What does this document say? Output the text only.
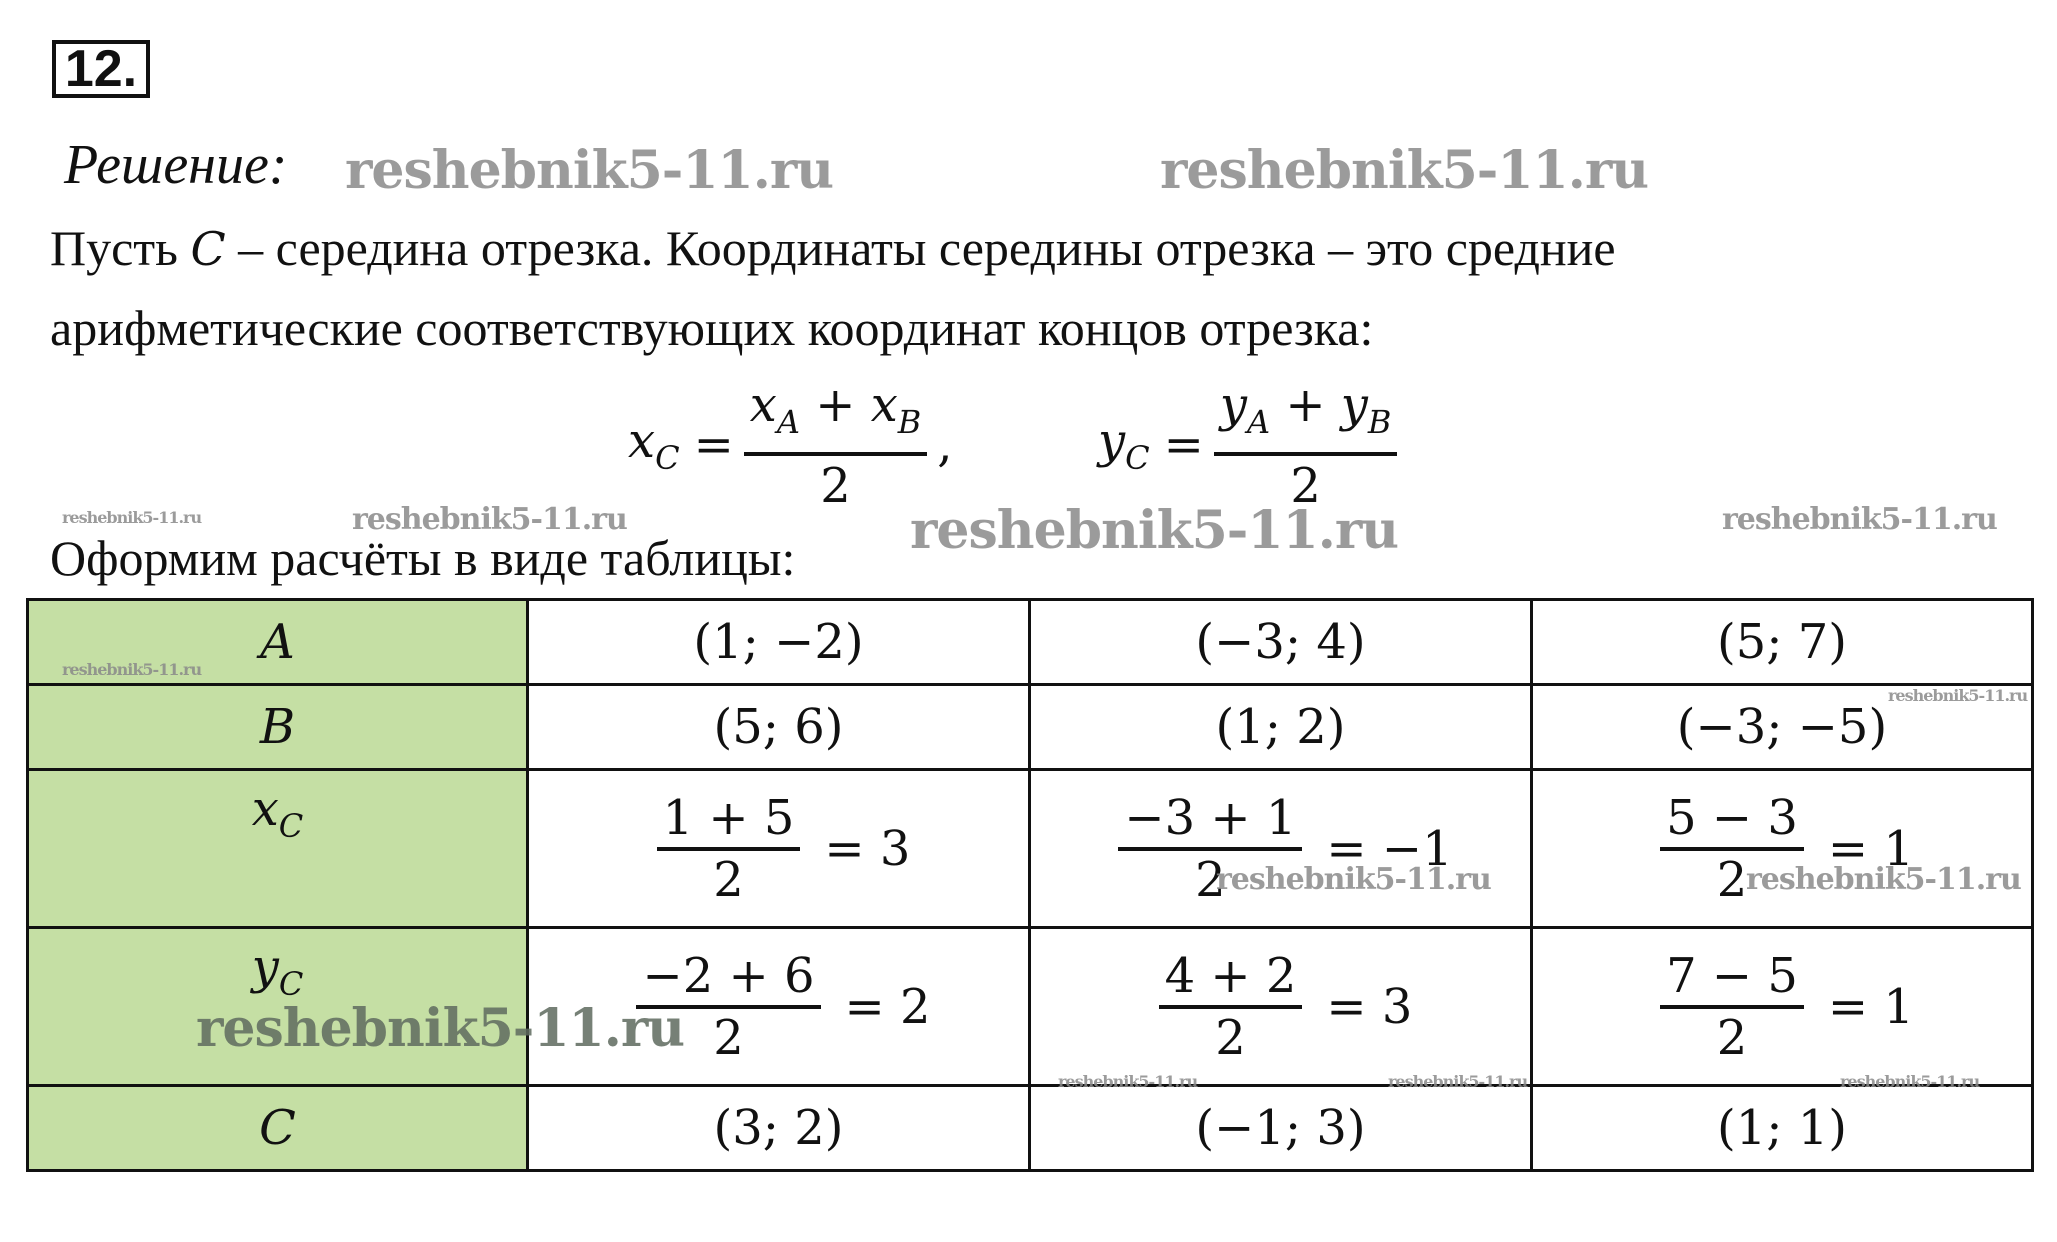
12.
Решение: reshebnik5-11.ru	reshebnik5-11.ru
Пусть C – середина отрезка. Координаты середины отрезка – это средние
арифметические соответствующих координат концов отрезка:
$x_C = \frac{x_A + x_B}{2}$ ,	$y_C = \frac{y_A + y_B}{2}$
Оформим расчёты в виде таблицы:
reshebnik5-11.ru	reshebnik5-11.ru	reshebnik5-11.ru	reshebnik5-11.ru
A	(1; −2)	(−3; 4)	(5; 7)
B	(5; 6)	(1; 2)	(−3; −5)
$x_C$	$\frac{1 + 5}{2} = 3$	$\frac{-3 + 1}{2} = -1$	$\frac{5 - 3}{2} = 1$

$y_C$	$\frac{-2 + 6}{2} = 2$	$\frac{4 + 2}{2} = 3$	$\frac{7 - 5}{2} = 1$

C	(3; 2)	(−1; 3)	(1; 1)
reshebnik5-11.ru
reshebnik5-11.ru
reshebnik5-11.ru	reshebnik5-11.ru
reshebnik5-11.ru
reshebnik5-11.ru	reshebnik5-11.ru	reshebnik5-11.ru
